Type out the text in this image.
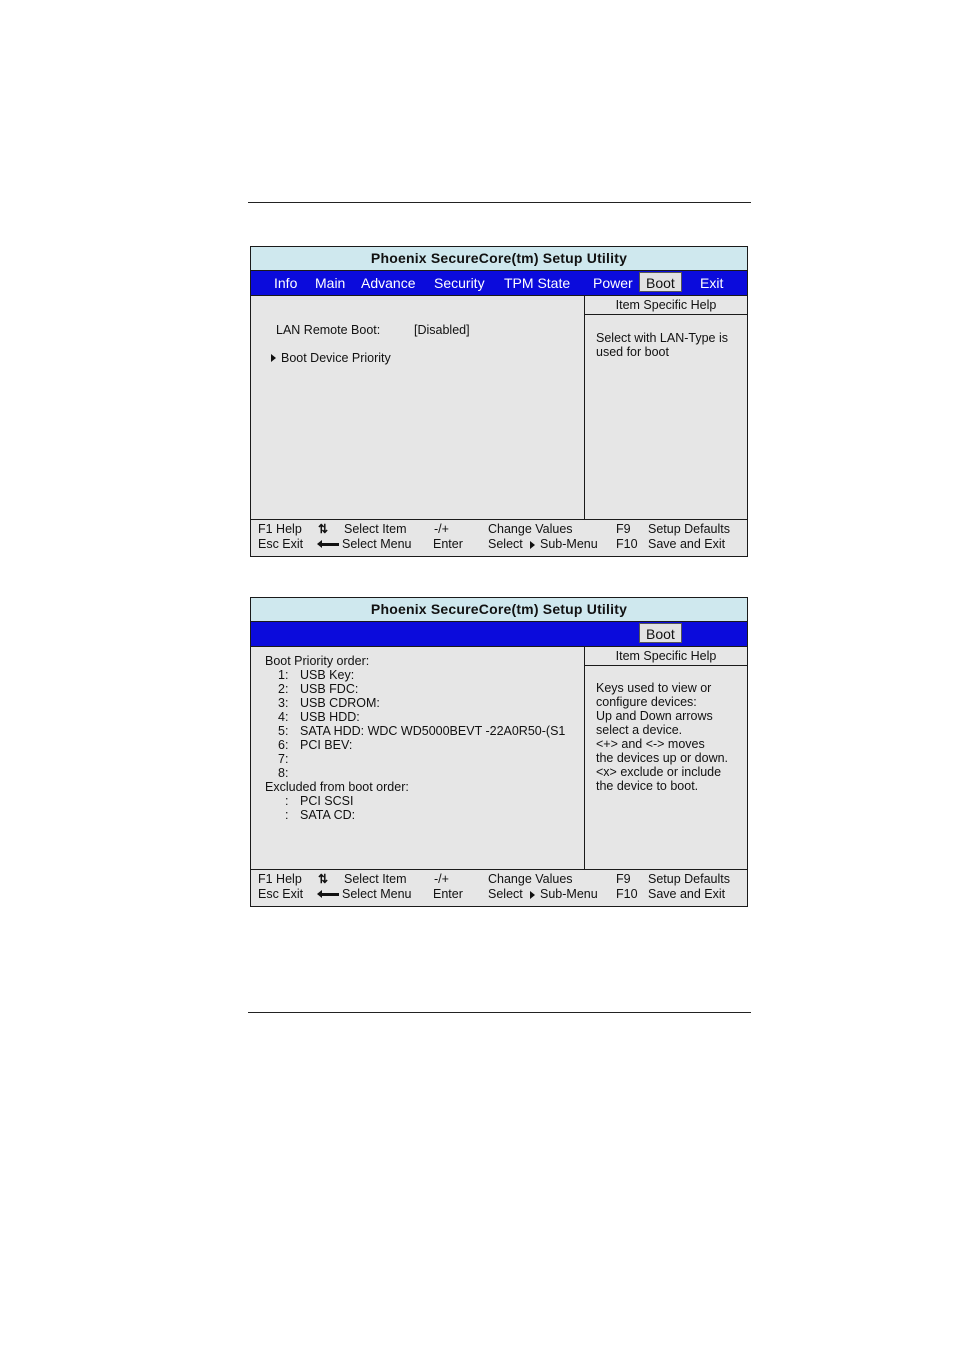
Phoenix SecureCore(tm) Setup Utility
Info Main Advance Security TPM State Power Boot	Exit
LAN Remote Boot:	[Disabled]
Boot Device Priority
Item Specific Help
Select with LAN-Type is
used for boot
F1 Help
Esc Exit
⇅ Select Item
Select Menu
-/+
Enter
Change Values
Select Sub-Menu
F9
F10
Setup Defaults
Save and Exit
Phoenix SecureCore(tm) Setup Utility
Boot
Boot Priority order:
1: USB Key:
2: USB FDC:
3: USB CDROM:
4: USB HDD:
5: SATA HDD: WDC WD5000BEVT -22A0R50-(S1
6: PCI BEV:
7:
8:
Excluded from boot order:
: PCI SCSI
: SATA CD:
Item Specific Help
Keys used to view or
configure devices:
Up and Down arrows
select a device.
<+> and <-> moves
the devices up or down.
<x> exclude or include
the device to boot.
F1 Help
Esc Exit
⇅ Select Item
Select Menu
-/+
Enter
Change Values
Select Sub-Menu
F9
F10
Setup Defaults
Save and Exit
